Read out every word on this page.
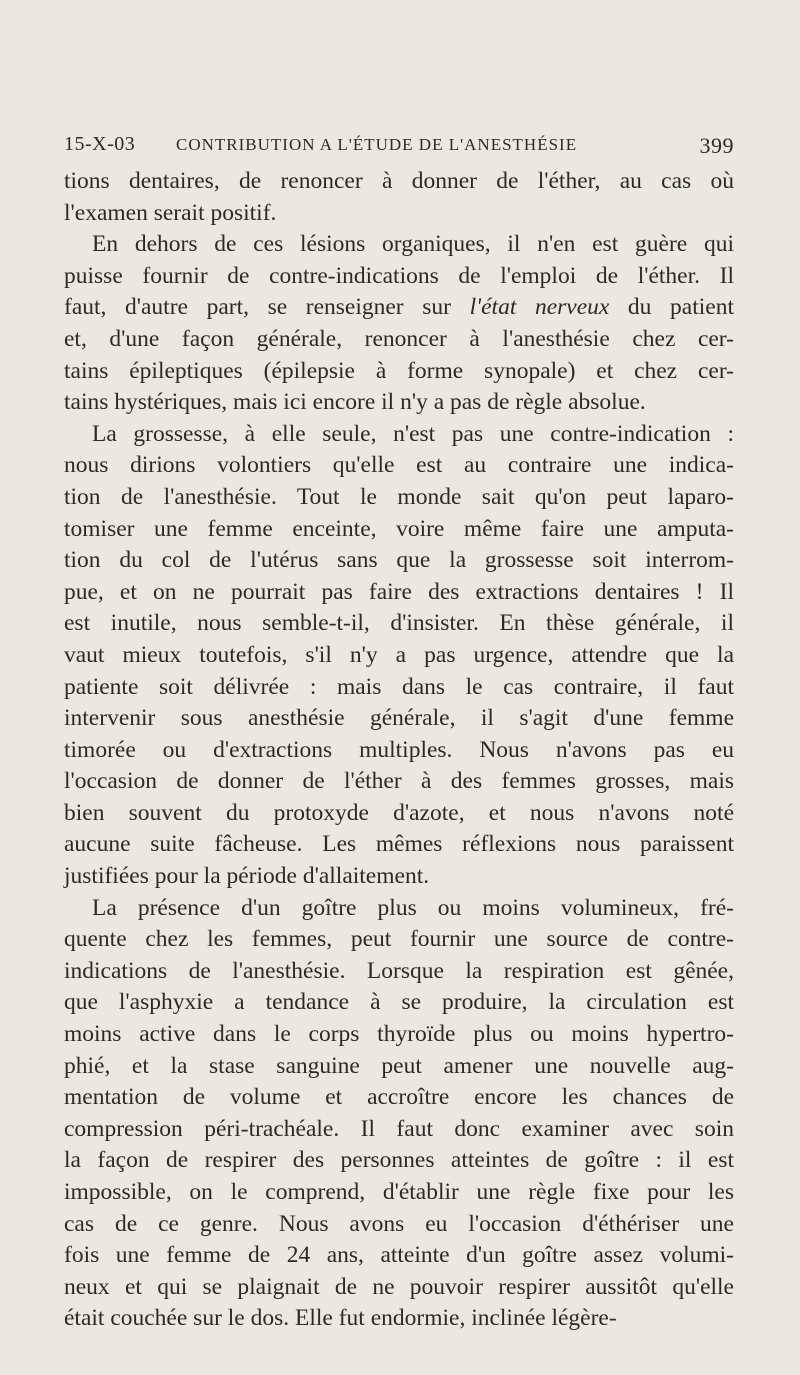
15-X-03 CONTRIBUTION A L'ÉTUDE DE L'ANESTHÉSIE	399
tions dentaires, de renoncer à donner de l'éther, au cas où
l'examen serait positif.
En dehors de ces lésions organiques, il n'en est guère qui
puisse fournir de contre-indications de l'emploi de l'éther. Il
faut, d'autre part, se renseigner sur l'état nerveux du patient
et, d'une façon générale, renoncer à l'anesthésie chez cer-
tains épileptiques (épilepsie à forme synopale) et chez cer-
tains hystériques, mais ici encore il n'y a pas de règle absolue.
La grossesse, à elle seule, n'est pas une contre-indication :
nous dirions volontiers qu'elle est au contraire une indica-
tion de l'anesthésie. Tout le monde sait qu'on peut laparo-
tomiser une femme enceinte, voire même faire une amputa-
tion du col de l'utérus sans que la grossesse soit interrom-
pue, et on ne pourrait pas faire des extractions dentaires ! Il
est inutile, nous semble-t-il, d'insister. En thèse générale, il
vaut mieux toutefois, s'il n'y a pas urgence, attendre que la
patiente soit délivrée : mais dans le cas contraire, il faut
intervenir sous anesthésie générale, il s'agit d'une femme
timorée ou d'extractions multiples. Nous n'avons pas eu
l'occasion de donner de l'éther à des femmes grosses, mais
bien souvent du protoxyde d'azote, et nous n'avons noté
aucune suite fâcheuse. Les mêmes réflexions nous paraissent
justifiées pour la période d'allaitement.
La présence d'un goître plus ou moins volumineux, fré-
quente chez les femmes, peut fournir une source de contre-
indications de l'anesthésie. Lorsque la respiration est gênée,
que l'asphyxie a tendance à se produire, la circulation est
moins active dans le corps thyroïde plus ou moins hypertro-
phié, et la stase sanguine peut amener une nouvelle aug-
mentation de volume et accroître encore les chances de
compression péri-trachéale. Il faut donc examiner avec soin
la façon de respirer des personnes atteintes de goître : il est
impossible, on le comprend, d'établir une règle fixe pour les
cas de ce genre. Nous avons eu l'occasion d'éthériser une
fois une femme de 24 ans, atteinte d'un goître assez volumi-
neux et qui se plaignait de ne pouvoir respirer aussitôt qu'elle
était couchée sur le dos. Elle fut endormie, inclinée légère-
